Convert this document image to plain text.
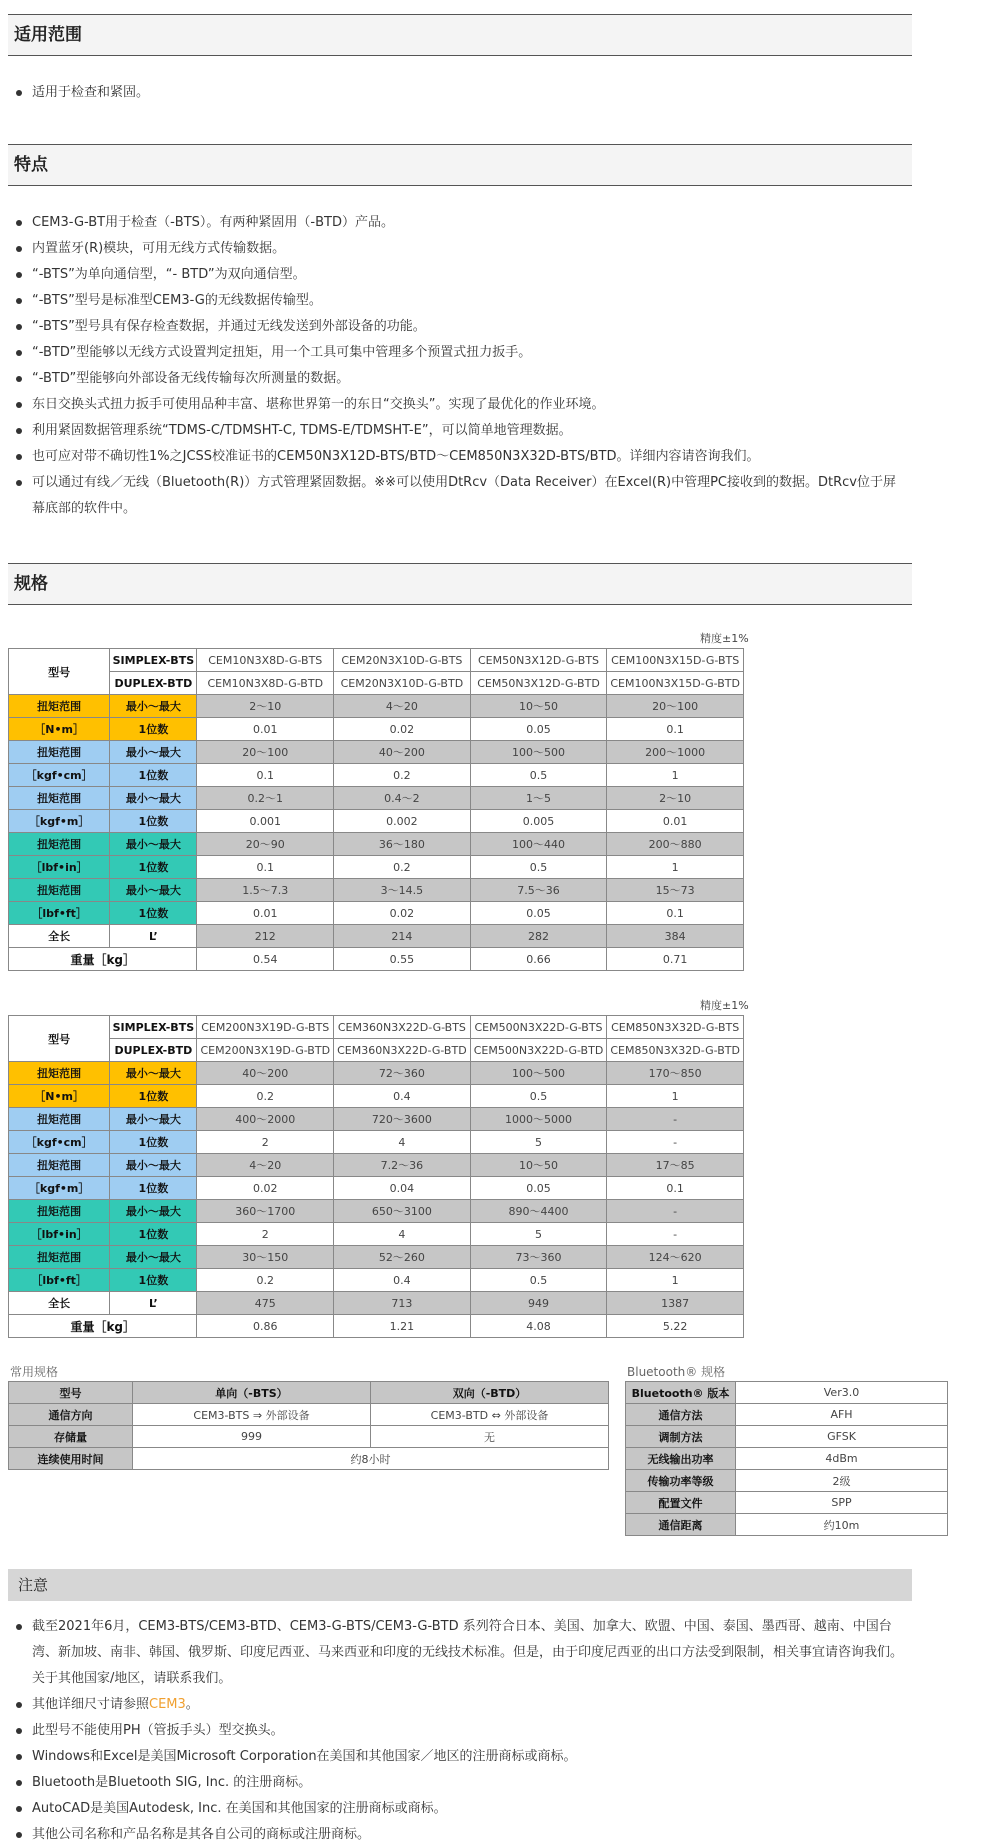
适用范围
适用于检查和紧固。
特点
CEM3-G-BT用于检查（-BTS）。有两种紧固用（-BTD）产品。
内置蓝牙(R)模块，可用无线方式传输数据。
“-BTS”为单向通信型，“- BTD”为双向通信型。
“-BTS”型号是标准型CEM3-G的无线数据传输型。
“-BTS”型号具有保存检查数据，并通过无线发送到外部设备的功能。
“-BTD”型能够以无线方式设置判定扭矩，用一个工具可集中管理多个预置式扭力扳手。
“-BTD”型能够向外部设备无线传输每次所测量的数据。
东日交换头式扭力扳手可使用品种丰富、堪称世界第一的东日“交换头”。实现了最优化的作业环境。
利用紧固数据管理系统“TDMS-C/TDMSHT-C, TDMS-E/TDMSHT-E”，可以简单地管理数据。
也可应对带不确切性1%之JCSS校准证书的CEM50N3X12D-BTS/BTD～CEM850N3X32D-BTS/BTD。详细内容请咨询我们。
可以通过有线／无线（Bluetooth(R)）方式管理紧固数据。※※可以使用DtRcv（Data Receiver）在Excel(R)中管理PC接收到的数据。DtRcv位于屏幕底部的软件中。
规格
精度±1%
型号	SIMPLEX-BTS	CEM10N3X8D-G-BTS	CEM20N3X10D-G-BTS	CEM50N3X12D-G-BTS	CEM100N3X15D-G-BTS
	DUPLEX-BTD	CEM10N3X8D-G-BTD	CEM20N3X10D-G-BTD	CEM50N3X12D-G-BTD	CEM100N3X15D-G-BTD
扭矩范围	最小～最大	2～10	4～20	10～50	20～100
［N•m］	1位数	0.01	0.02	0.05	0.1
扭矩范围	最小～最大	20～100	40～200	100～500	200～1000
［kgf•cm］	1位数	0.1	0.2	0.5	1
扭矩范围	最小～最大	0.2～1	0.4～2	1～5	2～10
［kgf•m］	1位数	0.001	0.002	0.005	0.01
扭矩范围	最小～最大	20～90	36～180	100～440	200～880
［lbf•in］	1位数	0.1	0.2	0.5	1
扭矩范围	最小～最大	1.5～7.3	3～14.5	7.5～36	15～73
［lbf•ft］	1位数	0.01	0.02	0.05	0.1
全长	L’	212	214	282	384
重量［kg］		0.54	0.55	0.66	0.71
精度±1%
型号	SIMPLEX-BTS	CEM200N3X19D-G-BTS	CEM360N3X22D-G-BTS	CEM500N3X22D-G-BTS	CEM850N3X32D-G-BTS
	DUPLEX-BTD	CEM200N3X19D-G-BTD	CEM360N3X22D-G-BTD	CEM500N3X22D-G-BTD	CEM850N3X32D-G-BTD
扭矩范围	最小～最大	40～200	72～360	100～500	170～850
［N•m］	1位数	0.2	0.4	0.5	1
扭矩范围	最小～最大	400～2000	720～3600	1000～5000	-
［kgf•cm］	1位数	2	4	5	-
扭矩范围	最小～最大	4～20	7.2～36	10～50	17～85
［kgf•m］	1位数	0.02	0.04	0.05	0.1
扭矩范围	最小～最大	360～1700	650～3100	890～4400	-
［lbf•in］	1位数	2	4	5	-
扭矩范围	最小～最大	30～150	52～260	73～360	124～620
［lbf•ft］	1位数	0.2	0.4	0.5	1
全长	L’	475	713	949	1387
重量［kg］		0.86	1.21	4.08	5.22
常用规格
型号	单向（-BTS）	双向（-BTD）
通信方向	CEM3-BTS ⇒ 外部设备	CEM3-BTD ⇔ 外部设备
存储量	999	无
连续使用时间	约8小时	
Bluetooth® 规格
Bluetooth® 版本	Ver3.0
通信方法	AFH
调制方法	GFSK
无线输出功率	4dBm
传输功率等级	2级
配置文件	SPP
通信距离	约10m
注意
截至2021年6月，CEM3-BTS/CEM3-BTD、CEM3-G-BTS/CEM3-G-BTD 系列符合日本、美国、加拿大、欧盟、中国、泰国、墨西哥、越南、中国台湾、新加坡、南非、韩国、俄罗斯、印度尼西亚、马来西亚和印度的无线技术标准。但是，由于印度尼西亚的出口方法受到限制，相关事宜请咨询我们。关于其他国家/地区，请联系我们。
其他详细尺寸请参照CEM3。
此型号不能使用PH（管扳手头）型交换头。
Windows和Excel是美国Microsoft Corporation在美国和其他国家／地区的注册商标或商标。
Bluetooth是Bluetooth SIG, Inc. 的注册商标。
AutoCAD是美国Autodesk, Inc. 在美国和其他国家的注册商标或商标。
其他公司名称和产品名称是其各自公司的商标或注册商标。
